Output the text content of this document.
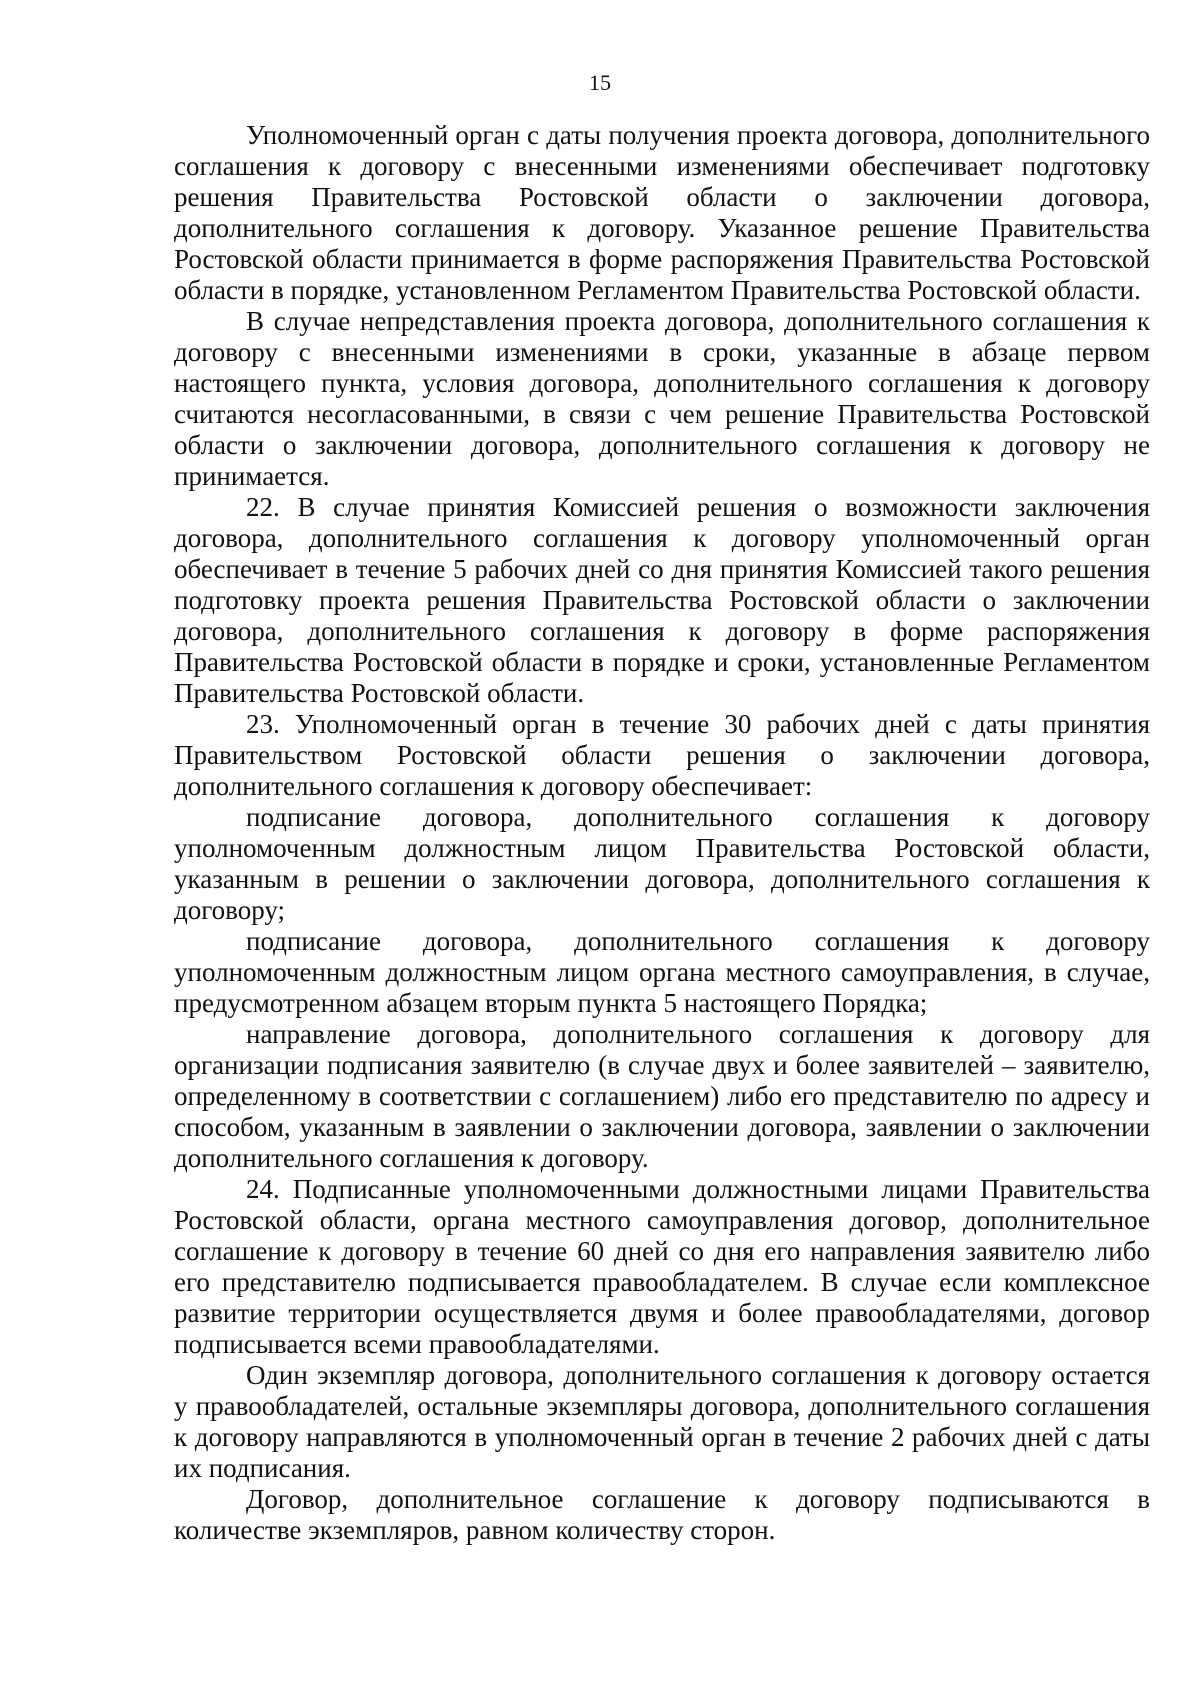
15

Уполномоченный орган с даты получения проекта договора, дополнительного соглашения к договору с внесенными изменениями обеспечивает подготовку решения Правительства Ростовской области о заключении договора, дополнительного соглашения к договору. Указанное решение Правительства Ростовской области принимается в форме распоряжения Правительства Ростовской области в порядке, установленном Регламентом Правительства Ростовской области.

В случае непредставления проекта договора, дополнительного соглашения к договору с внесенными изменениями в сроки, указанные в абзаце первом настоящего пункта, условия договора, дополнительного соглашения к договору считаются несогласованными, в связи с чем решение Правительства Ростовской области о заключении договора, дополнительного соглашения к договору не принимается.

22. В случае принятия Комиссией решения о возможности заключения договора, дополнительного соглашения к договору уполномоченный орган обеспечивает в течение 5 рабочих дней со дня принятия Комиссией такого решения подготовку проекта решения Правительства Ростовской области о заключении договора, дополнительного соглашения к договору в форме распоряжения Правительства Ростовской области в порядке и сроки, установленные Регламентом Правительства Ростовской области.

23. Уполномоченный орган в течение 30 рабочих дней с даты принятия Правительством Ростовской области решения о заключении договора, дополнительного соглашения к договору обеспечивает:

подписание договора, дополнительного соглашения к договору уполномоченным должностным лицом Правительства Ростовской области, указанным в решении о заключении договора, дополнительного соглашения к договору;

подписание договора, дополнительного соглашения к договору уполномоченным должностным лицом органа местного самоуправления, в случае, предусмотренном абзацем вторым пункта 5 настоящего Порядка;

направление договора, дополнительного соглашения к договору для организации подписания заявителю (в случае двух и более заявителей – заявителю, определенному в соответствии с соглашением) либо его представителю по адресу и способом, указанным в заявлении о заключении договора, заявлении о заключении дополнительного соглашения к договору.

24. Подписанные уполномоченными должностными лицами Правительства Ростовской области, органа местного самоуправления договор, дополнительное соглашение к договору в течение 60 дней со дня его направления заявителю либо его представителю подписывается правообладателем. В случае если комплексное развитие территории осуществляется двумя и более правообладателями, договор подписывается всеми правообладателями.

Один экземпляр договора, дополнительного соглашения к договору остается у правообладателей, остальные экземпляры договора, дополнительного соглашения к договору направляются в уполномоченный орган в течение 2 рабочих дней с даты их подписания.

Договор, дополнительное соглашение к договору подписываются в количестве экземпляров, равном количеству сторон.
